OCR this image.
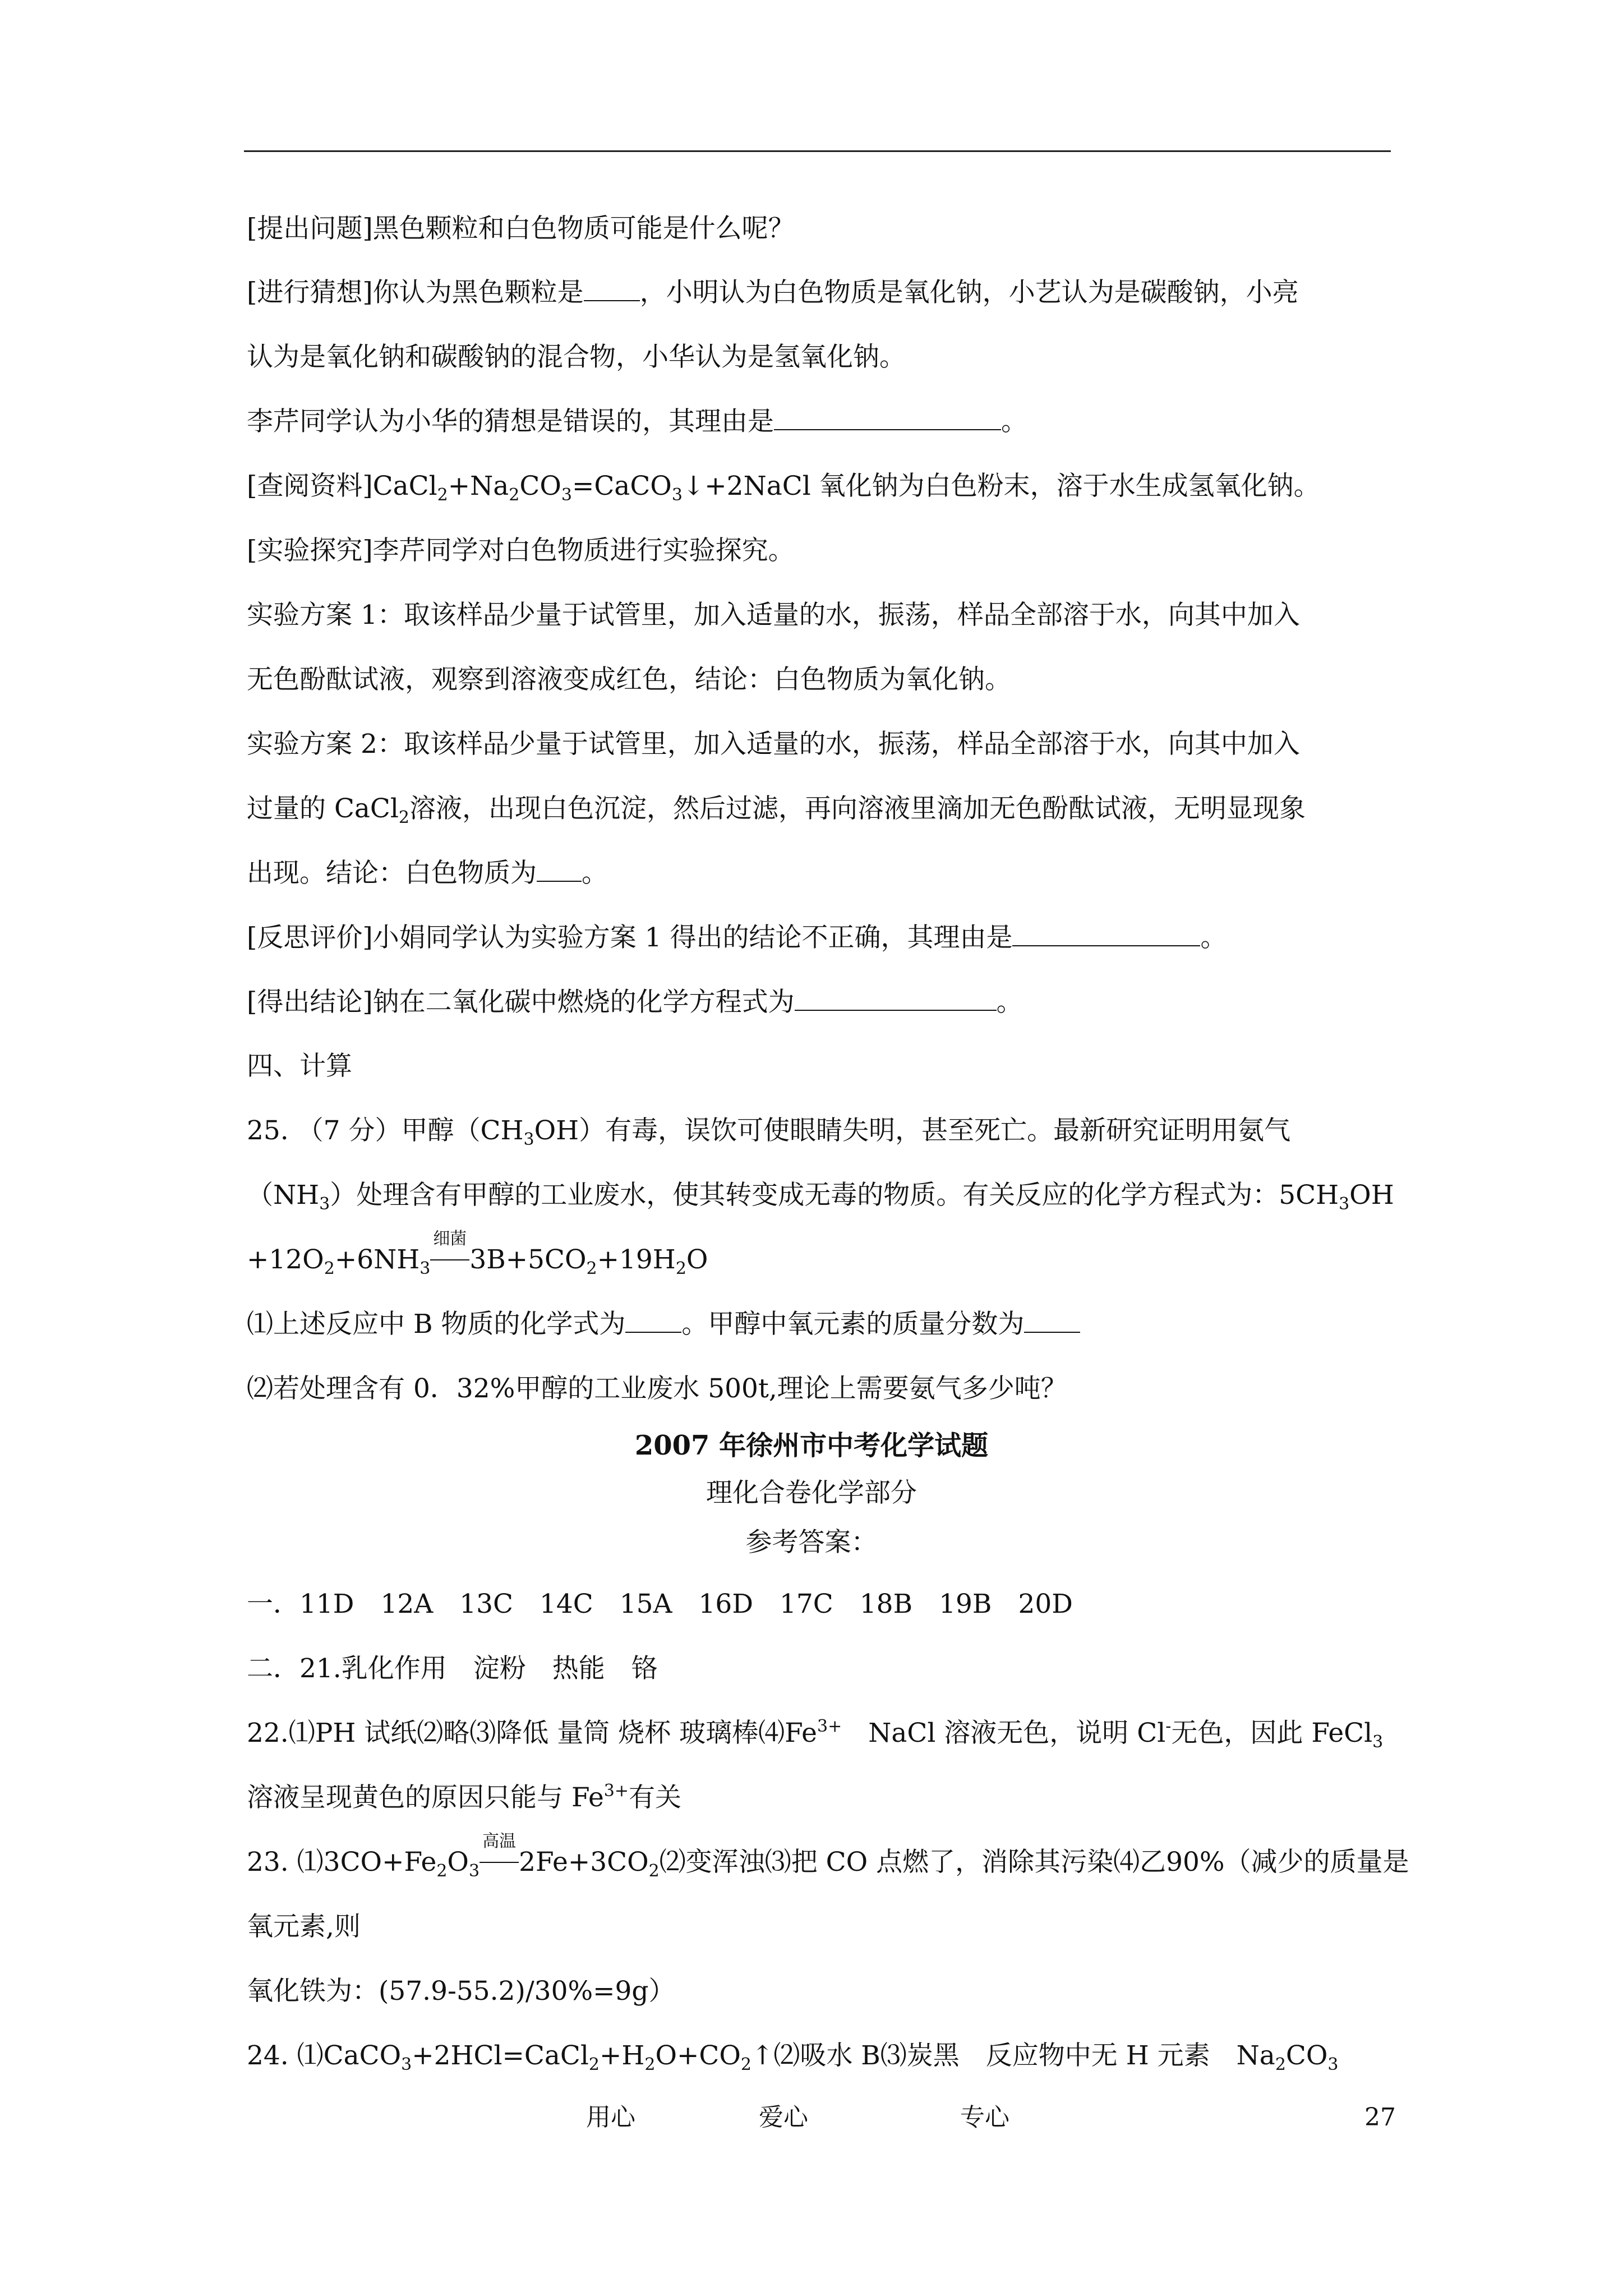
[提出问题]黑色颗粒和白色物质可能是什么呢？
[进行猜想]你认为黑色颗粒是 ，小明认为白色物质是氧化钠，小艺认为是碳酸钠，小亮
认为是氧化钠和碳酸钠的混合物，小华认为是氢氧化钠。
李芹同学认为小华的猜想是错误的，其理由是	。
[查阅资料]$CaCl_2+Na_2CO_3=CaCO_3↓+2NaCl$ 氧化钠为白色粉末，溶于水生成氢氧化钠。
[实验探究]李芹同学对白色物质进行实验探究。
实验方案 1：取该样品少量于试管里，加入适量的水，振荡，样品全部溶于水，向其中加入
无色酚酞试液，观察到溶液变成红色，结论：白色物质为氧化钠。
实验方案 2：取该样品少量于试管里，加入适量的水，振荡，样品全部溶于水，向其中加入
过量的 CaCl$_2$溶液，出现白色沉淀，然后过滤，再向溶液里滴加无色酚酞试液，无明显现象
出现。结论：白色物质为 。
[反思评价]小娟同学认为实验方案 1 得出的结论不正确，其理由是	。
[得出结论]钠在二氧化碳中燃烧的化学方程式为	。
四、计算
25. （7 分）甲醇$(CH_3OH)$有毒，误饮可使眼睛失明，甚至死亡。最新研究证明用氨气
$(NH_3)$处理含有甲醇的工业废水，使其转变成无毒的物质。有关反应的化学方程式为：$5CH_3OH$
$+12O_2+6NH_3$
细菌
$3B+5CO_2+19H_2O$
⑴上述反应中 B 物质的化学式为 。甲醇中氧元素的质量分数为
⑵若处理含有 0．32%甲醇的工业废水 500t,理论上需要氨气多少吨？
2007 年徐州市中考化学试题
理化合卷化学部分
参考答案：
一．11D　12A　13C　14C　15A　16D　17C　18B　19B　20D
二．21.乳化作用　淀粉　热能　铬
22.⑴PH 试纸⑵略⑶降低 量筒 烧杯 玻璃棒$⑷Fe^{3+}$　 NaCl 溶液无色，说明 Cl-无色，因此 FeCl$_3$
溶液呈现黄色的原因只能与 $Fe^{3+}$有关
23. $⑴3CO+Fe_2O_3$
高温
$2Fe+3CO_2⑵$变浑浊⑶把 CO 点燃了，消除其污染⑷乙90%（减少的质量是
氧元素,则
氧化铁为：(57.9-55.2)/30%=9g）
24. $⑴CaCO_3+2HCl=CaCl_2+H_2O+CO_2↑⑵$吸水 B⑶炭黑　反应物中无 H 元素　$Na_2CO_3$
用心	爱心	专心	27
